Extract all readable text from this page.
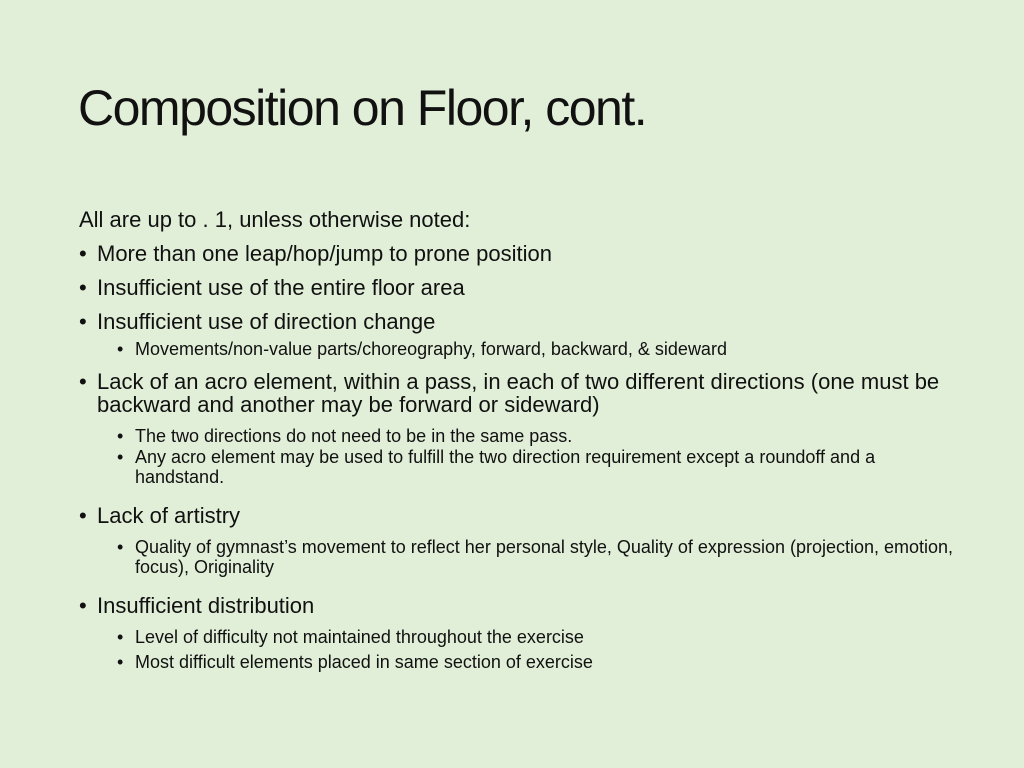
Composition on Floor, cont.

All are up to . 1, unless otherwise noted:

• More than one leap/hop/jump to prone position
• Insufficient use of the entire floor area
• Insufficient use of direction change
• Movements/non-value parts/choreography, forward, backward, & sideward
• Lack of an acro element, within a pass, in each of two different directions (one must be backward and another may be forward or sideward)
• The two directions do not need to be in the same pass.
• Any acro element may be used to fulfill the two direction requirement except a roundoff and a handstand.
• Lack of artistry
• Quality of gymnast’s movement to reflect her personal style, Quality of expression (projection, emotion, focus), Originality
• Insufficient distribution
• Level of difficulty not maintained throughout the exercise
• Most difficult elements placed in same section of exercise
